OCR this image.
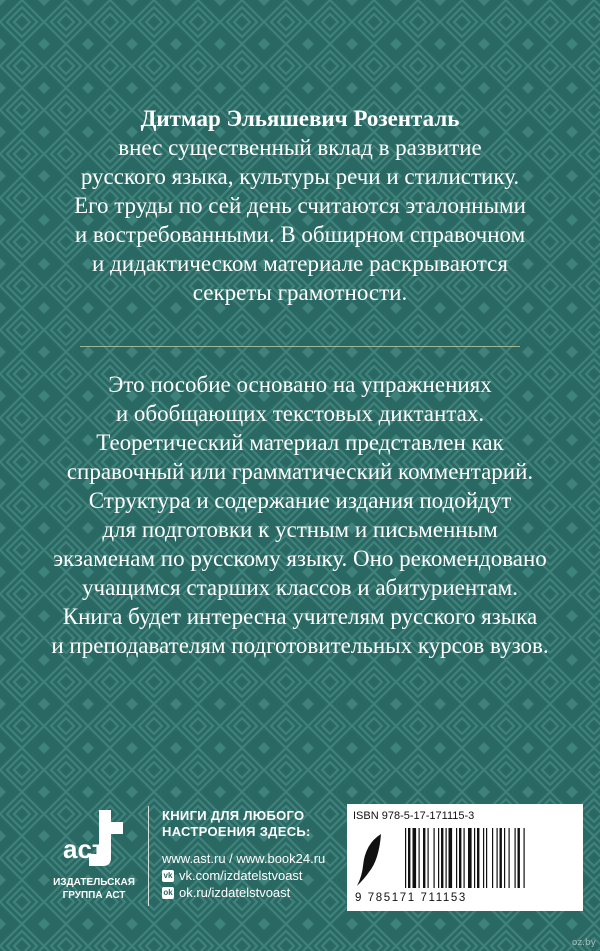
Дитмар Эльяшевич Розенталь
внес существенный вклад в развитие
русского языка, культуры речи и стилистику.
Его труды по сей день считаются эталонными
и востребованными. В обширном справочном
и дидактическом материале раскрываются
секреты грамотности.
Это пособие основано на упражнениях
и обобщающих текстовых диктантах.
Теоретический материал представлен как
справочный или грамматический комментарий.
Структура и содержание издания подойдут
для подготовки к устным и письменным
экзаменам по русскому языку. Оно рекомендовано
учащимся старших классов и абитуриентам.
Книга будет интересна учителям русского языка
и преподавателям подготовительных курсов вузов.
аст
ИЗДАТЕЛЬСКАЯ
ГРУППА АСТ
КНИГИ ДЛЯ ЛЮБОГО
НАСТРОЕНИЯ ЗДЕСЬ:
www.ast.ru / www.book24.ru
vk vk.com/izdatelstvoast
ok ok.ru/izdatelstvoast
ISBN 978-5-17-171115-3
9 785171 711153
oz.by
